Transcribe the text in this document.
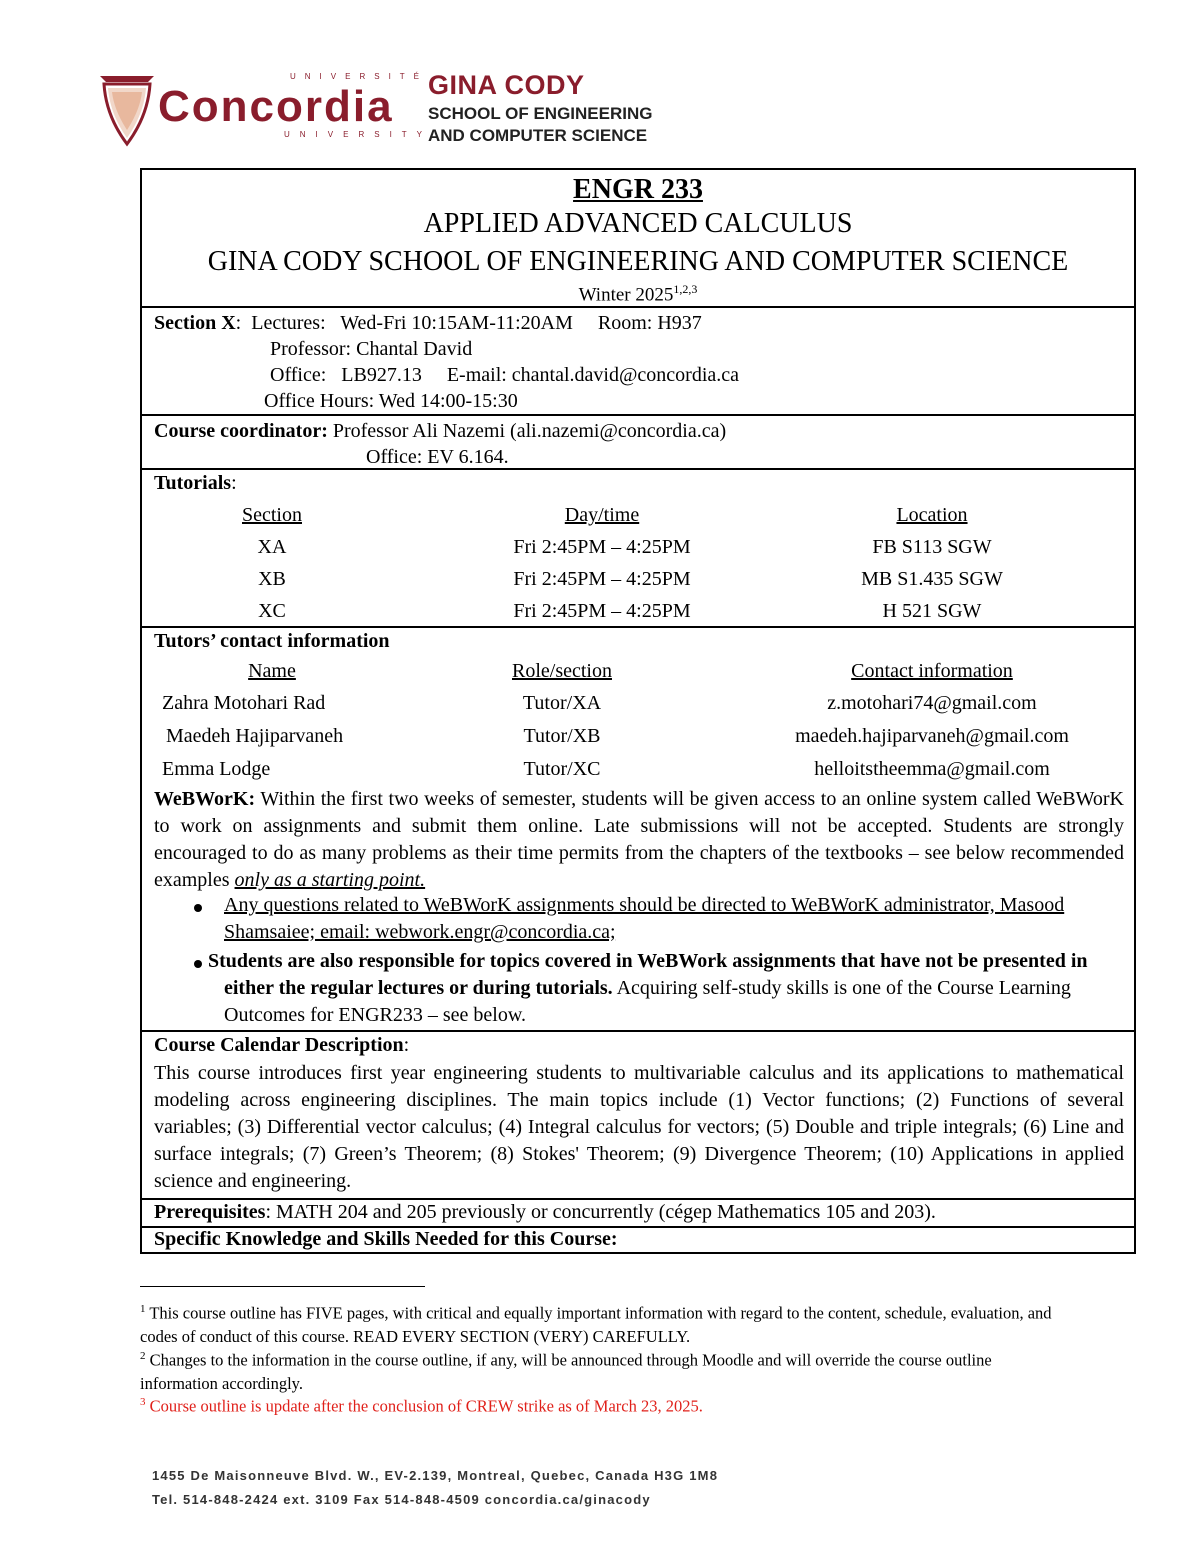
UNIVERSITÉ
Concordia
UNIVERSITY
GINA CODY
SCHOOL OF ENGINEERING
AND COMPUTER SCIENCE
ENGR 233
APPLIED ADVANCED CALCULUS
GINA CODY SCHOOL OF ENGINEERING AND COMPUTER SCIENCE
Winter 2025$^{1,2,3}$
Section X:  Lectures:   Wed-Fri 10:15AM-11:20AM     Room: H937
Professor: Chantal David
Office:   LB927.13     E-mail: chantal.david@concordia.ca
Office Hours: Wed 14:00-15:30
Course coordinator: Professor Ali Nazemi (ali.nazemi@concordia.ca)
Office: EV 6.164.
Tutorials:
Section	Day/time	Location
XA	Fri 2:45PM – 4:25PM	FB S113 SGW
XB	Fri 2:45PM – 4:25PM	MB S1.435 SGW
XC	Fri 2:45PM – 4:25PM	H 521 SGW
Tutors’ contact information
Name	Role/section	Contact information
Zahra Motohari Rad	Tutor/XA	z.motohari74@gmail.com
Maedeh Hajiparvaneh	Tutor/XB	maedeh.hajiparvaneh@gmail.com
Emma Lodge	Tutor/XC	helloitstheemma@gmail.com
WeBWorK: Within the first two weeks of semester, students will be given access to an online system called WeBWorK to work on assignments and submit them online. Late submissions will not be accepted. Students are strongly encouraged to do as many problems as their time permits from the chapters of the textbooks – see below recommended examples only as a starting point.
Any questions related to WeBWorK assignments should be directed to WeBWorK administrator, Masood Shamsaiee; email: webwork.engr@concordia.ca;
Students are also responsible for topics covered in WeBWork assignments that have not be presented in either the regular lectures or during tutorials. Acquiring self-study skills is one of the Course Learning Outcomes for ENGR233 – see below.
Course Calendar Description:
This course introduces first year engineering students to multivariable calculus and its applications to mathematical modeling across engineering disciplines. The main topics include (1) Vector functions; (2) Functions of several variables; (3) Differential vector calculus; (4) Integral calculus for vectors; (5) Double and triple integrals; (6) Line and surface integrals; (7) Green’s Theorem; (8) Stokes' Theorem; (9) Divergence Theorem; (10) Applications in applied science and engineering.
Prerequisites: MATH 204 and 205 previously or concurrently (cégep Mathematics 105 and 203).
Specific Knowledge and Skills Needed for this Course:
$^1$ This course outline has FIVE pages, with critical and equally important information with regard to the content, schedule, evaluation, and codes of conduct of this course. READ EVERY SECTION (VERY) CAREFULLY.
$^2$ Changes to the information in the course outline, if any, will be announced through Moodle and will override the course outline information accordingly.
$^3$ Course outline is update after the conclusion of CREW strike as of March 23, 2025.
1455 De Maisonneuve Blvd. W., EV-2.139, Montreal, Quebec, Canada H3G 1M8
Tel. 514-848-2424 ext. 3109 Fax 514-848-4509 concordia.ca/ginacody
